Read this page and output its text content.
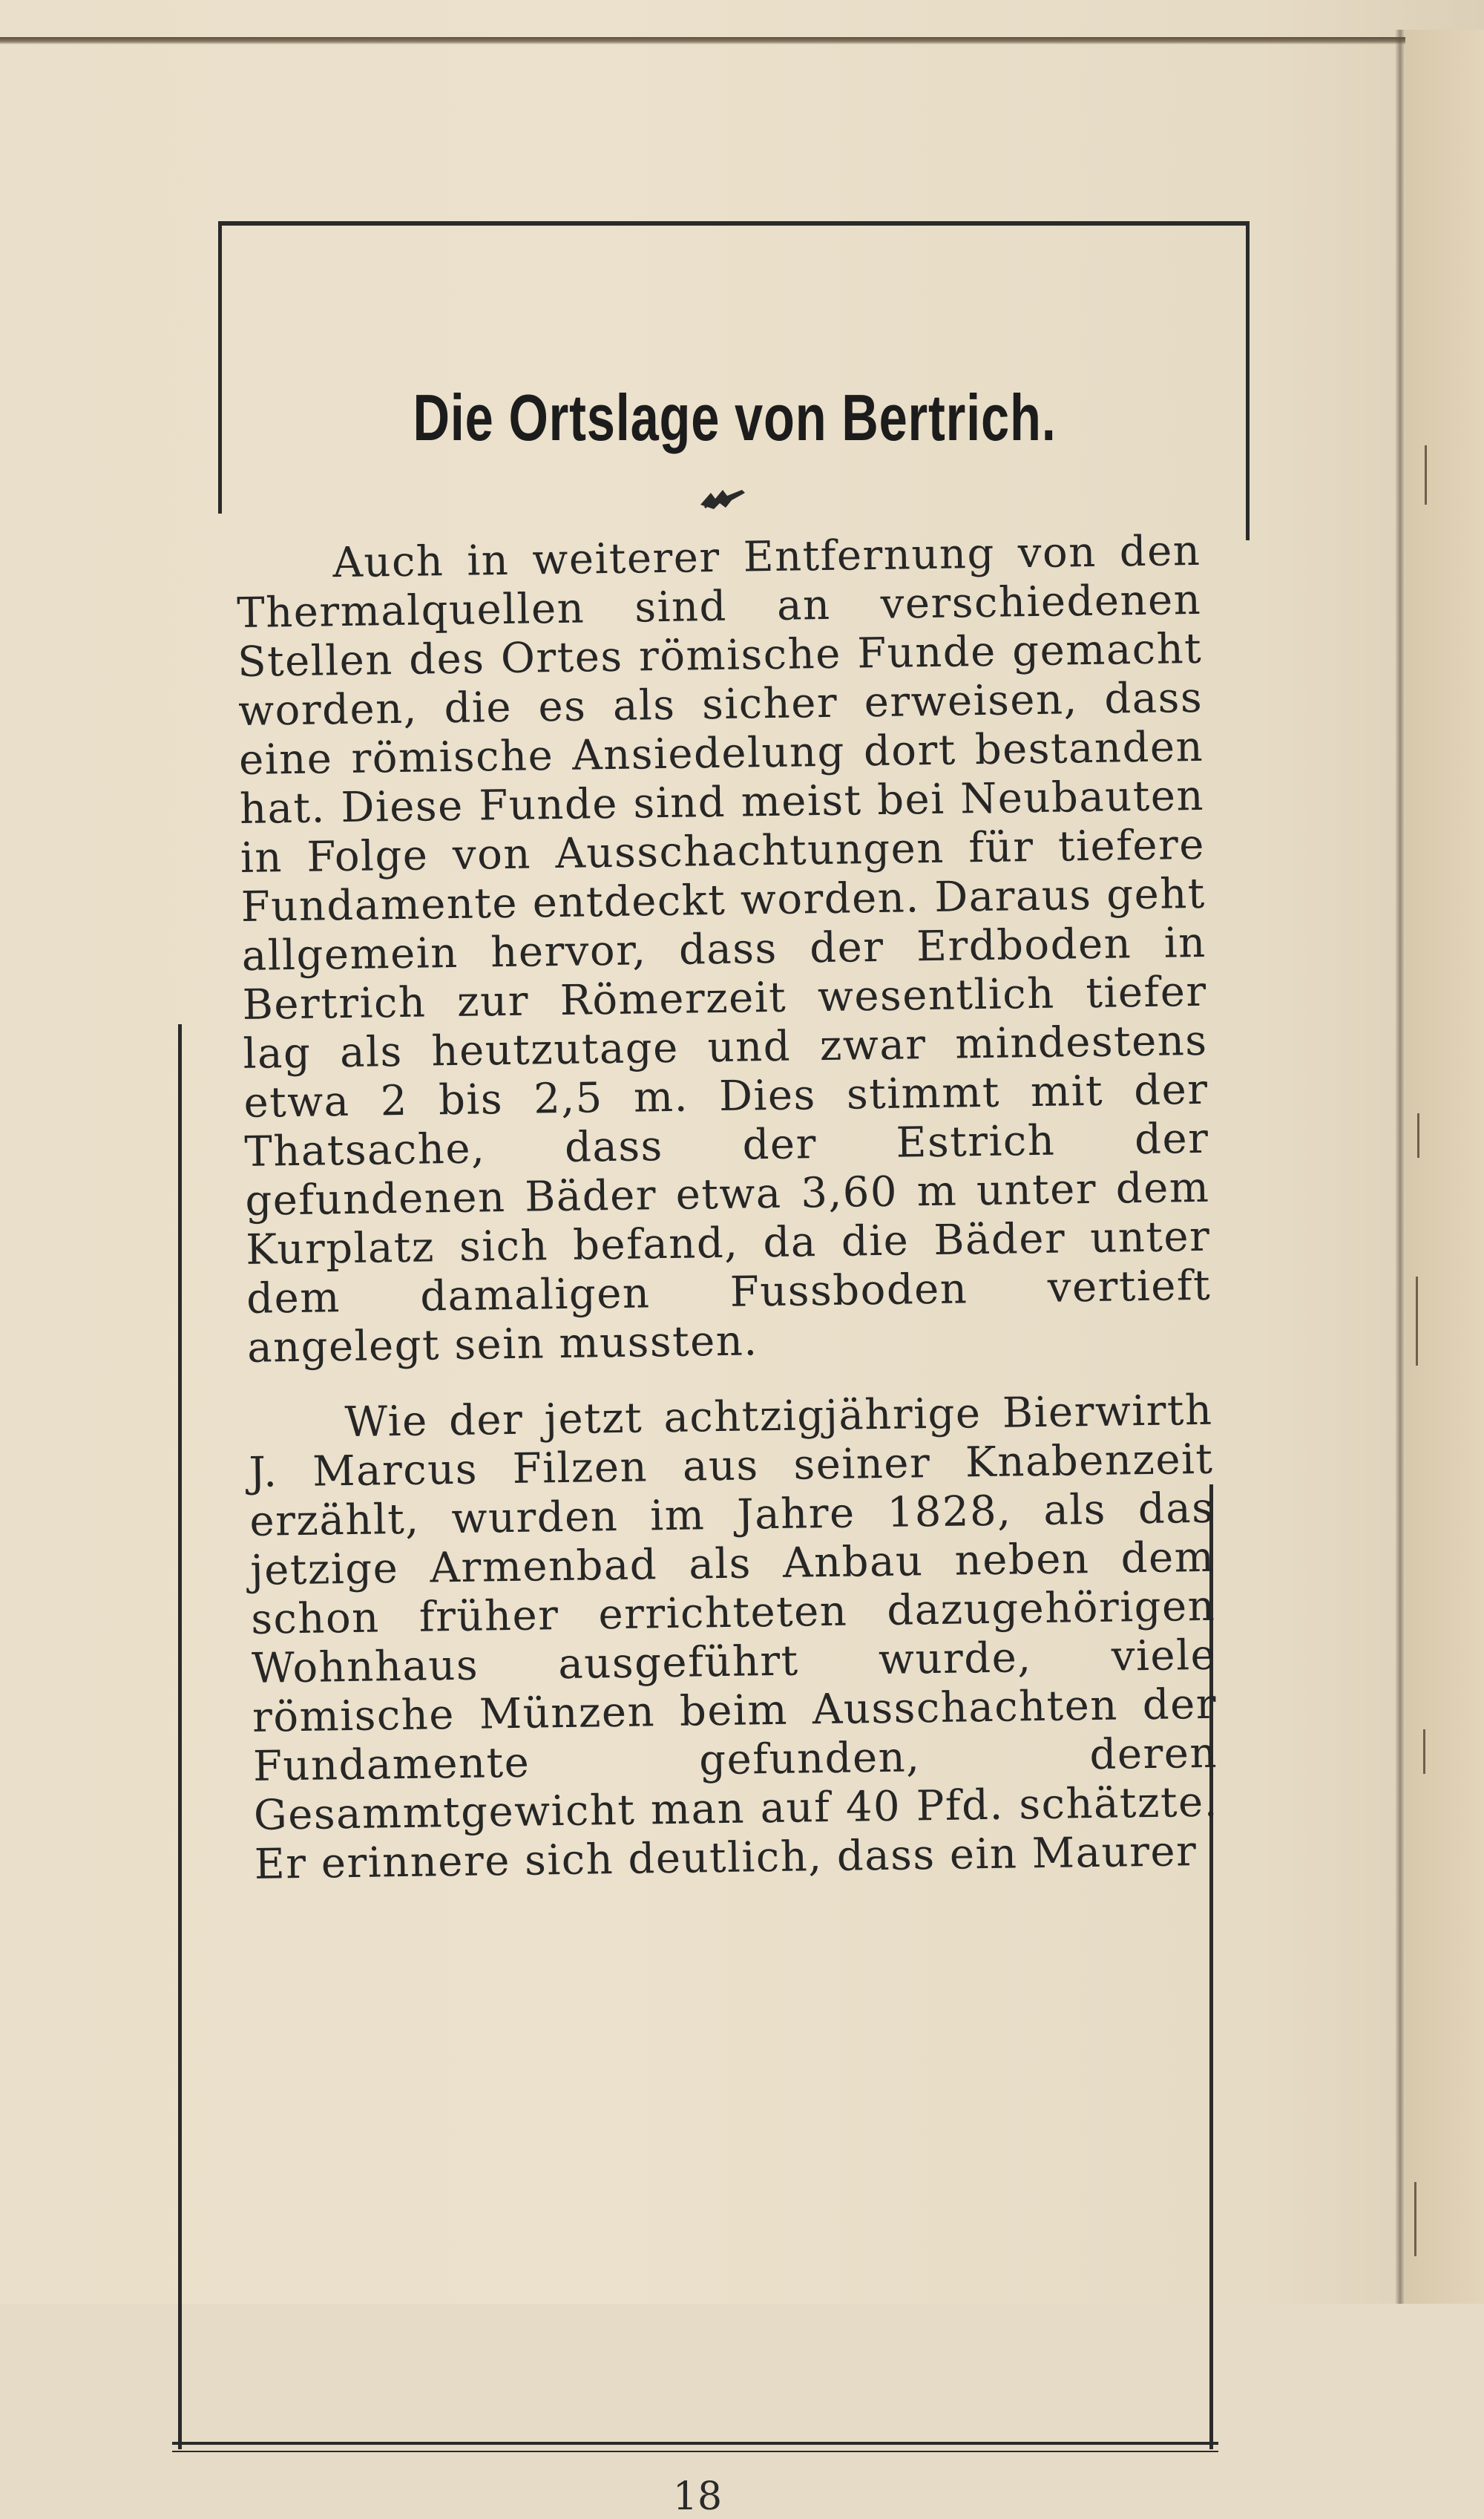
Die Ortslage von Bertrich.

Auch in weiterer Entfernung von den Thermalquellen sind an verschiedenen Stellen des Ortes römische Funde gemacht worden, die es als sicher erweisen, dass eine römische Ansiedelung dort bestanden hat. Diese Funde sind meist bei Neubauten in Folge von Ausschachtungen für tiefere Fundamente entdeckt worden. Daraus geht allgemein hervor, dass der Erdboden in Bertrich zur Römerzeit wesentlich tiefer lag als heutzutage und zwar mindestens etwa 2 bis 2,5 m. Dies stimmt mit der Thatsache, dass der Estrich der gefundenen Bäder etwa 3,60 m unter dem Kurplatz sich befand, da die Bäder unter dem damaligen Fussboden vertieft angelegt sein mussten.

Wie der jetzt achtzigjährige Bierwirth J. Marcus Filzen aus seiner Knabenzeit erzählt, wurden im Jahre 1828, als das jetzige Armenbad als Anbau neben dem schon früher errichteten dazugehörigen Wohnhaus ausgeführt wurde, viele römische Münzen beim Ausschachten der Fundamente gefunden, deren Gesammtgewicht man auf 40 Pfd. schätzte. Er erinnere sich deutlich, dass ein Maurer

18
